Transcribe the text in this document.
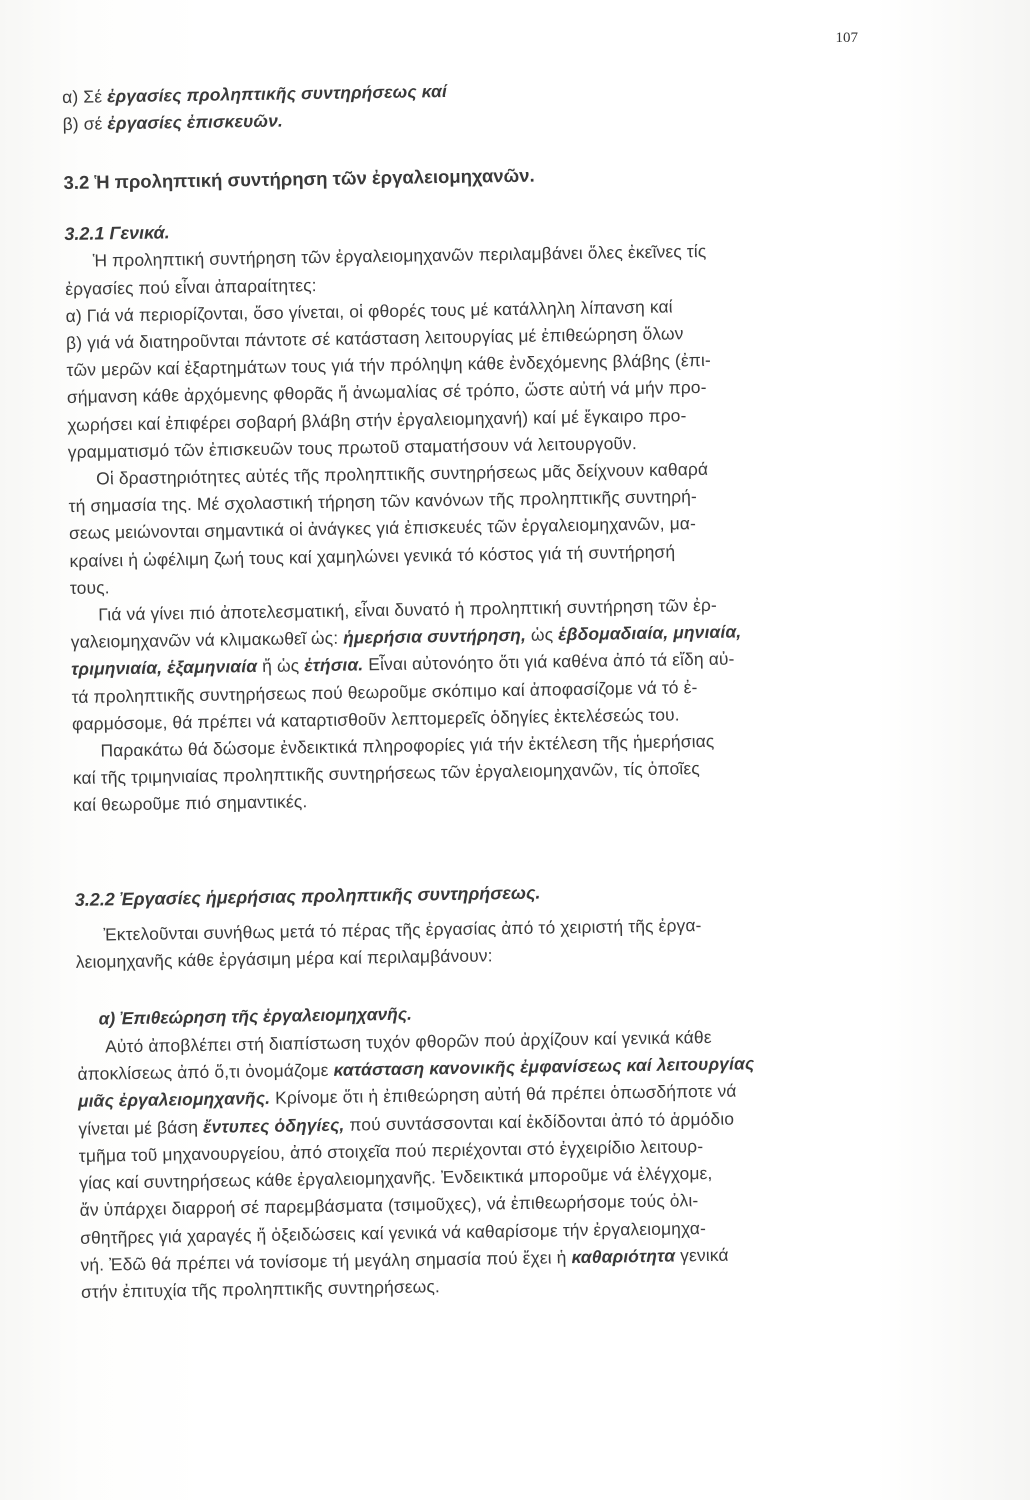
107
α) Σέ ἐργασίες προληπτικῆς συντηρήσεως καί
β) σέ ἐργασίες ἐπισκευῶν.
3.2 Ἡ προληπτική συντήρηση τῶν ἐργαλειομηχανῶν.
3.2.1 Γενικά.
Ἡ προληπτική συντήρηση τῶν ἐργαλειομηχανῶν περιλαμβάνει ὅλες ἐκεῖνες τίς
ἐργασίες πού εἶναι ἀπαραίτητες:
α) Γιά νά περιορίζονται, ὅσο γίνεται, οἱ φθορές τους μέ κατάλληλη λίπανση καί
β) γιά νά διατηροῦνται πάντοτε σέ κατάσταση λειτουργίας μέ ἐπιθεώρηση ὅλων
τῶν μερῶν καί ἐξαρτημάτων τους γιά τήν πρόληψη κάθε ἐνδεχόμενης βλάβης (ἐπι-
σήμανση κάθε ἀρχόμενης φθορᾶς ἤ ἀνωμαλίας σέ τρόπο, ὥστε αὐτή νά μήν προ-
χωρήσει καί ἐπιφέρει σοβαρή βλάβη στήν ἐργαλειομηχανή) καί μέ ἔγκαιρο προ-
γραμματισμό τῶν ἐπισκευῶν τους πρωτοῦ σταματήσουν νά λειτουργοῦν.
Οἱ δραστηριότητες αὐτές τῆς προληπτικῆς συντηρήσεως μᾶς δείχνουν καθαρά
τή σημασία της. Μέ σχολαστική τήρηση τῶν κανόνων τῆς προληπτικῆς συντηρή-
σεως μειώνονται σημαντικά οἱ ἀνάγκες γιά ἐπισκευές τῶν ἐργαλειομηχανῶν, μα-
κραίνει ἡ ὠφέλιμη ζωή τους καί χαμηλώνει γενικά τό κόστος γιά τή συντήρησή
τους.
Γιά νά γίνει πιό ἀποτελεσματική, εἶναι δυνατό ἡ προληπτική συντήρηση τῶν ἐρ-
γαλειομηχανῶν νά κλιμακωθεῖ ὡς: ἡμερήσια συντήρηση, ὡς ἑβδομαδιαία, μηνιαία,
τριμηνιαία, ἑξαμηνιαία ἤ ὡς ἐτήσια. Εἶναι αὐτονόητο ὅτι γιά καθένα ἀπό τά εἴδη αὐ-
τά προληπτικῆς συντηρήσεως πού θεωροῦμε σκόπιμο καί ἀποφασίζομε νά τό ἐ-
φαρμόσομε, θά πρέπει νά καταρτισθοῦν λεπτομερεῖς ὁδηγίες ἐκτελέσεώς του.
Παρακάτω θά δώσομε ἐνδεικτικά πληροφορίες γιά τήν ἐκτέλεση τῆς ἡμερήσιας
καί τῆς τριμηνιαίας προληπτικῆς συντηρήσεως τῶν ἐργαλειομηχανῶν, τίς ὁποῖες
καί θεωροῦμε πιό σημαντικές.
3.2.2 Ἐργασίες ἡμερήσιας προληπτικῆς συντηρήσεως.
Ἐκτελοῦνται συνήθως μετά τό πέρας τῆς ἐργασίας ἀπό τό χειριστή τῆς ἐργα-
λειομηχανῆς κάθε ἐργάσιμη μέρα καί περιλαμβάνουν:
α) Ἐπιθεώρηση τῆς ἐργαλειομηχανῆς.
Αὐτό ἀποβλέπει στή διαπίστωση τυχόν φθορῶν πού ἀρχίζουν καί γενικά κάθε
ἀποκλίσεως ἀπό ὅ,τι ὀνομάζομε κατάσταση κανονικῆς ἐμφανίσεως καί λειτουργίας
μιᾶς ἐργαλειομηχανῆς. Κρίνομε ὅτι ἡ ἐπιθεώρηση αὐτή θά πρέπει ὁπωσδήποτε νά
γίνεται μέ βάση ἔντυπες ὁδηγίες, πού συντάσσονται καί ἐκδίδονται ἀπό τό ἁρμόδιο
τμῆμα τοῦ μηχανουργείου, ἀπό στοιχεῖα πού περιέχονται στό ἐγχειρίδιο λειτουρ-
γίας καί συντηρήσεως κάθε ἐργαλειομηχανῆς. Ἐνδεικτικά μποροῦμε νά ἐλέγχομε,
ἄν ὑπάρχει διαρροή σέ παρεμβάσματα (τσιμοῦχες), νά ἐπιθεωρήσομε τούς ὀλι-
σθητῆρες γιά χαραγές ἤ ὀξειδώσεις καί γενικά νά καθαρίσομε τήν ἐργαλειομηχα-
νή. Ἐδῶ θά πρέπει νά τονίσομε τή μεγάλη σημασία πού ἔχει ἡ καθαριότητα γενικά
στήν ἐπιτυχία τῆς προληπτικῆς συντηρήσεως.
